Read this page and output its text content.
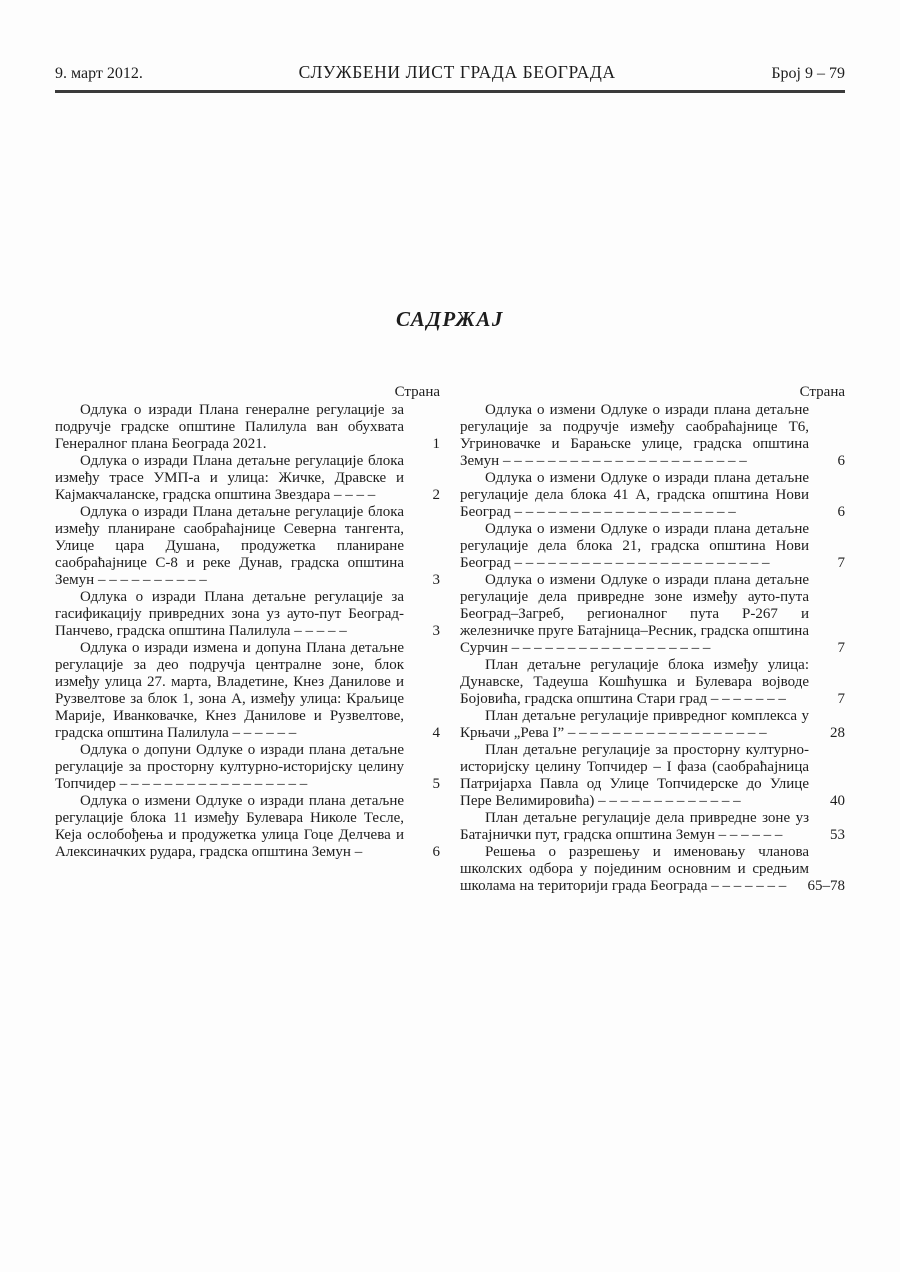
9. март 2012.	СЛУЖБЕНИ ЛИСТ ГРАДА БЕОГРАДА	Број 9 – 79
САДРЖАЈ
Страна

Одлука о изради Плана генералне регулације за подручје градске општине Палилула ван обухвата Генералног плана Београда 2021.	1

Одлука о изради Плана детаљне регулације блока између трасе УМП-а и улица: Жичке, Дравске и Кајмакчаланске, градска општина Звездара – – – –	2

Одлука о изради Плана детаљне регулације блока између планиране саобраћајнице Северна тангента, Улице цара Душана, продужетка планиране саобраћајнице С-8 и реке Дунав, градска општина Земун – – – – – – – – – –	3

Одлука о изради Плана детаљне регулације за гасификацију привредних зона уз ауто-пут Београд-Панчево, градска општина Палилула – – – – –	3

Одлука о изради измена и допуна Плана детаљне регулације за део подручја централне зоне, блок између улица 27. марта, Владетине, Кнез Данилове и Рузвелтове за блок 1, зона А, између улица: Краљице Марије, Иванковачке, Кнез Данилове и Рузвелтове, градска општина Палилула – – – – – –	4

Одлука о допуни Одлуке о изради плана детаљне регулације за просторну културно-историјску целину Топчидер – – – – – – – – – – – – – – – – –	5

Одлука о измени Одлуке о изради плана детаљне регулације блока 11 између Булевара Николе Тесле, Кеја ослобођења и продужетка улица Гоце Делчева и Алексиначких рудара, градска општина Земун –	6

Страна

Одлука о измени Одлуке о изради плана детаљне регулације за подручје између саобраћајнице Т6, Угриновачке и Барањске улице, градска општина Земун – – – – – – – – – – – – – – – – – – – – – –	6

Одлука о измени Одлуке о изради плана детаљне регулације дела блока 41 А, градска општина Нови Београд – – – – – – – – – – – – – – – – – – – –	6

Одлука о измени Одлуке о изради плана детаљне регулације дела блока 21, градска општина Нови Београд – – – – – – – – – – – – – – – – – – – – – – –	7

Одлука о измени Одлуке о изради плана детаљне регулације дела привредне зоне између ауто-пута Београд–Загреб, регионалног пута Р-267 и железничке пруге Батајница–Ресник, градска општина Сурчин – – – – – – – – – – – – – – – – – –	7

План детаљне регулације блока између улица: Дунавске, Тадеуша Кошћушка и Булевара војводе Бојовића, градска општина Стари град – – – – – – –	7

План детаљне регулације привредног комплекса у Крњачи „Рева I” – – – – – – – – – – – – – – – – – –	28

План детаљне регулације за просторну културно-историјску целину Топчидер – I фаза (саобраћајница Патријарха Павла од Улице Топчидерске до Улице Пере Велимировића) – – – – – – – – – – – – –	40

План детаљне регулације дела привредне зоне уз Батајнички пут, градска општина Земун – – – – – –	53

Решења о разрешењу и именовању чланова школских одбора у појединим основним и средњим школама на територији града Београда – – – – – – – 65–78
